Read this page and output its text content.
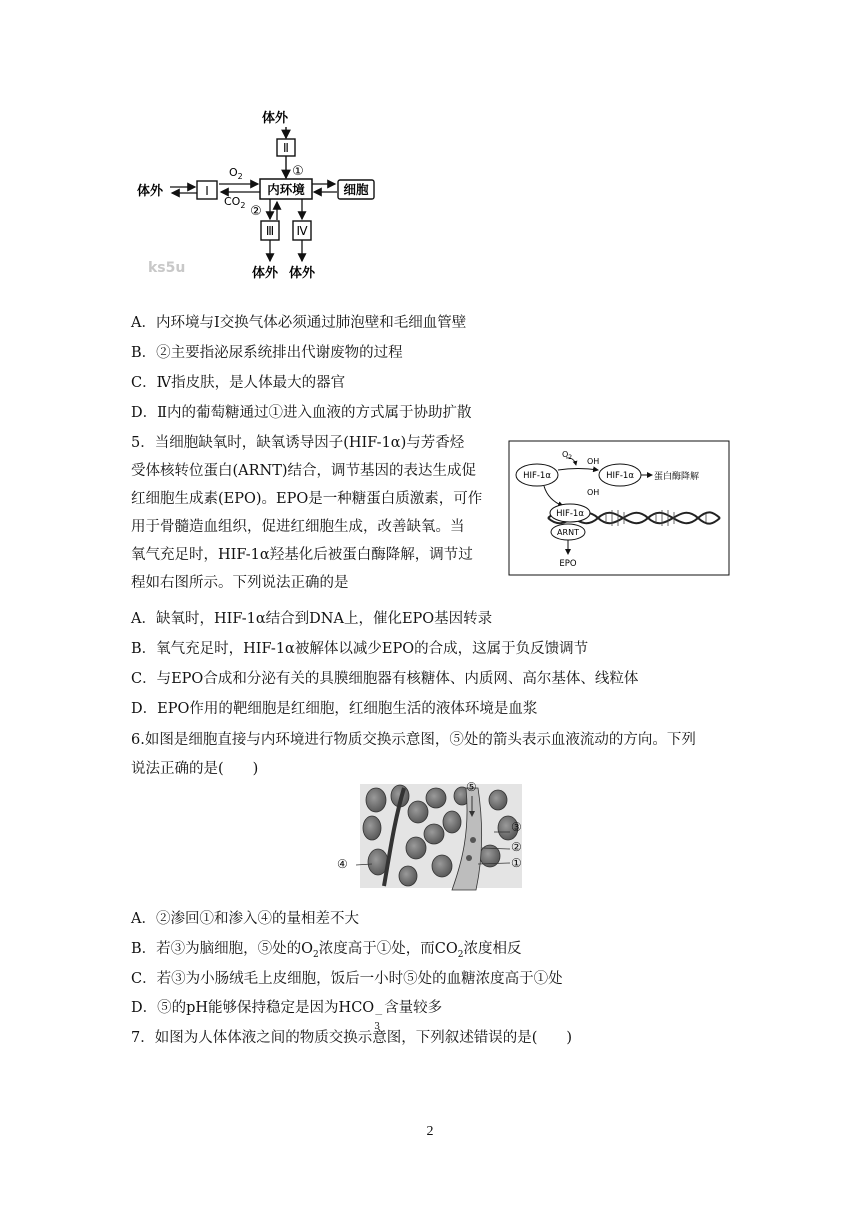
体外
Ⅱ
①
体外	Ⅰ
$O_2$
$CO_2$
内环境	细胞
②
Ⅲ Ⅳ
体外 体外
ks5u
A．内环境与Ⅰ交换气体必须通过肺泡壁和毛细血管壁
B．②主要指泌尿系统排出代谢废物的过程
C．Ⅳ指皮肤，是人体最大的器官
D．Ⅱ内的葡萄糖通过①进入血液的方式属于协助扩散
5．当细胞缺氧时，缺氧诱导因子(HIF-1α)与芳香烃
受体核转位蛋白(ARNT)结合，调节基因的表达生成促
红细胞生成素(EPO)。EPO是一种糖蛋白质激素，可作
用于骨髓造血组织，促进红细胞生成，改善缺氧。当
氧气充足时，HIF-1α羟基化后被蛋白酶降解，调节过
程如右图所示。下列说法正确的是
HIF-1α
$O_2$ OH
OH
HIF-1α 蛋白酶降解
HIF-1α
ARNT
EPO
A．缺氧时，HIF-1α结合到DNA上，催化EPO基因转录
B．氧气充足时，HIF-1α被解体以减少EPO的合成，这属于负反馈调节
C．与EPO合成和分泌有关的具膜细胞器有核糖体、内质网、高尔基体、线粒体
D．EPO作用的靶细胞是红细胞，红细胞生活的液体环境是血浆
6.如图是细胞直接与内环境进行物质交换示意图，⑤处的箭头表示血液流动的方向。下列
说法正确的是(　　)
⑤
③
②
①
④
A．②渗回①和渗入④的量相差不大
B．若③为脑细胞，⑤处的$O_2$浓度高于①处，而$CO_2$浓度相反
C．若③为小肠绒毛上皮细胞，饭后一小时⑤处的血糖浓度高于①处
D．⑤的pH能够保持稳定是因为HCO －
3
含量较多
7．如图为人体体液之间的物质交换示意图，下列叙述错误的是(　　)
2
